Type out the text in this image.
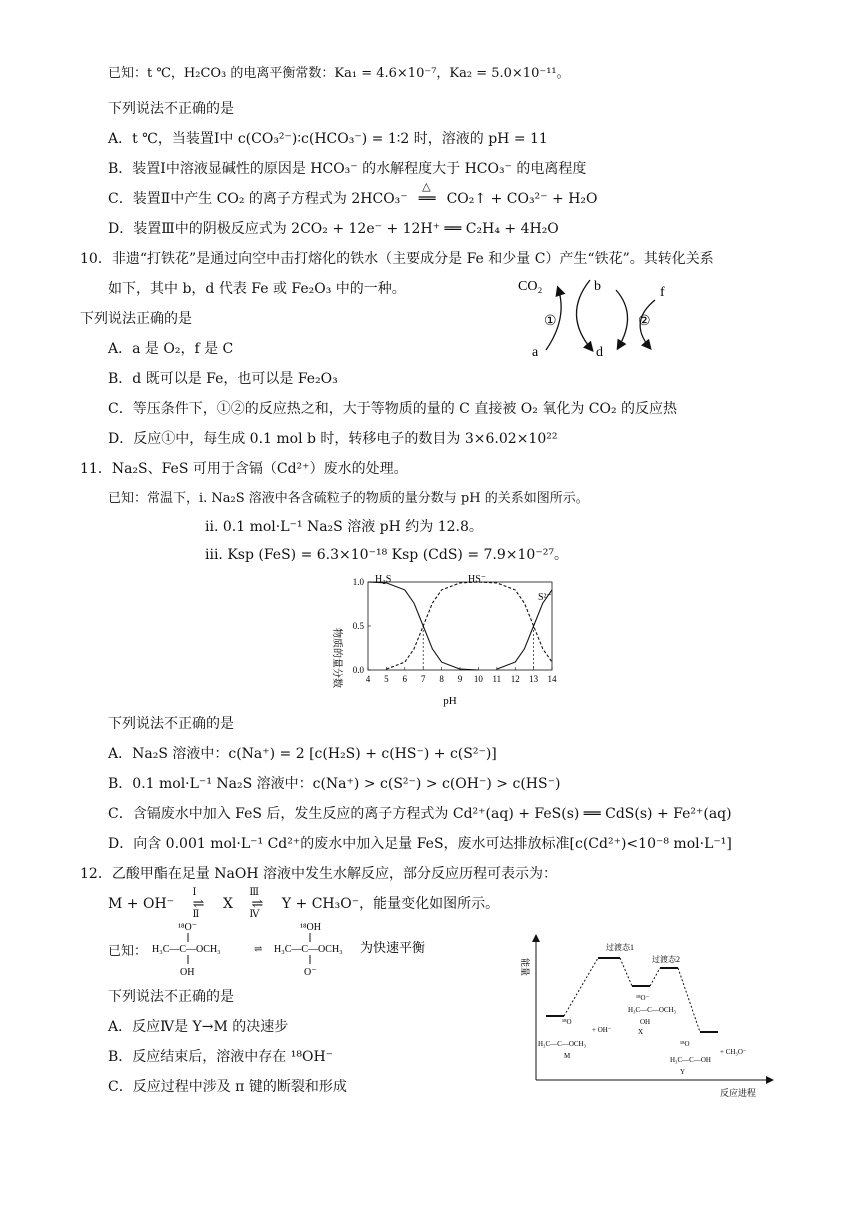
已知：t ℃，H₂CO₃ 的电离平衡常数：Ka₁ = 4.6×10⁻⁷，Ka₂ = 5.0×10⁻¹¹。
下列说法不正确的是
A．t ℃，当装置Ⅰ中 c(CO₃²⁻)∶c(HCO₃⁻) = 1∶2 时，溶液的 pH = 11
B．装置Ⅰ中溶液显碱性的原因是 HCO₃⁻ 的水解程度大于 HCO₃⁻ 的电离程度
C．装置Ⅱ中产生 CO₂ 的离子方程式为 2HCO₃⁻
△
══ CO₂↑ + CO₃²⁻ + H₂O
D．装置Ⅲ中的阴极反应式为 2CO₂ + 12e⁻ + 12H⁺ ══ C₂H₄ + 4H₂O
10．非遗“打铁花”是通过向空中击打熔化的铁水（主要成分是 Fe 和少量 C）产生“铁花”。其转化关系
如下，其中 b，d 代表 Fe 或 Fe₂O₃ 中的一种。
下列说法正确的是
A．a 是 O₂，f 是 C
B．d 既可以是 Fe，也可以是 Fe₂O₃
C．等压条件下，①②的反应热之和，大于等物质的量的 C 直接被 O₂ 氧化为 CO₂ 的反应热
D．反应①中，每生成 0.1 mol b 时，转移电子的数目为 3×6.02×10²²
CO₂	b	f
a	d
①	②
11．Na₂S、FeS 可用于含镉（Cd²⁺）废水的处理。
已知：常温下，i. Na₂S 溶液中各含硫粒子的物质的量分数与 pH 的关系如图所示。
ii. 0.1 mol·L⁻¹ Na₂S 溶液 pH 约为 12.8。
iii. Ksp (FeS) = 6.3×10⁻¹⁸ Ksp (CdS) = 7.9×10⁻²⁷。
物质的量分数
pH
H₂S	HS⁻
S²⁻
4 5 6 7 8 9 10 11 12 13 14
0.0
0.5
1.0
下列说法不正确的是
A．Na₂S 溶液中：c(Na⁺) = 2 [c(H₂S) + c(HS⁻) + c(S²⁻)]
B．0.1 mol·L⁻¹ Na₂S 溶液中：c(Na⁺) > c(S²⁻) > c(OH⁻) > c(HS⁻)
C．含镉废水中加入 FeS 后，发生反应的离子方程式为 Cd²⁺(aq) + FeS(s) ══ CdS(s) + Fe²⁺(aq)
D．向含 0.001 mol·L⁻¹ Cd²⁺的废水中加入足量 FeS，废水可达排放标准[c(Cd²⁺)<10⁻⁸ mol·L⁻¹]
12．乙酸甲酯在足量 NaOH 溶液中发生水解反应，部分反应历程可表示为：
M + OH⁻
Ⅰ
⇌
Ⅱ
X
Ⅲ
⇌
Ⅳ
Y + CH₃O⁻，能量变化如图所示。
已知：
¹⁸O⁻
H₃C—C—OCH₃
OH
⇌
¹⁸OH
H₃C—C—OCH₃
O⁻
为快速平衡
下列说法不正确的是
A．反应Ⅳ是 Y→M 的决速步
B．反应结束后，溶液中存在 ¹⁸OH⁻
C．反应过程中涉及 π 键的断裂和形成
能量
反应进程
过渡态1
过渡态2
¹⁸O⁻
H₃C—C—OCH₃
OH
X
¹⁸O
+ OH⁻
H₃C—C—OCH₃
M
¹⁸O
+ CH₃O⁻
H₃C—C—OH
Y
